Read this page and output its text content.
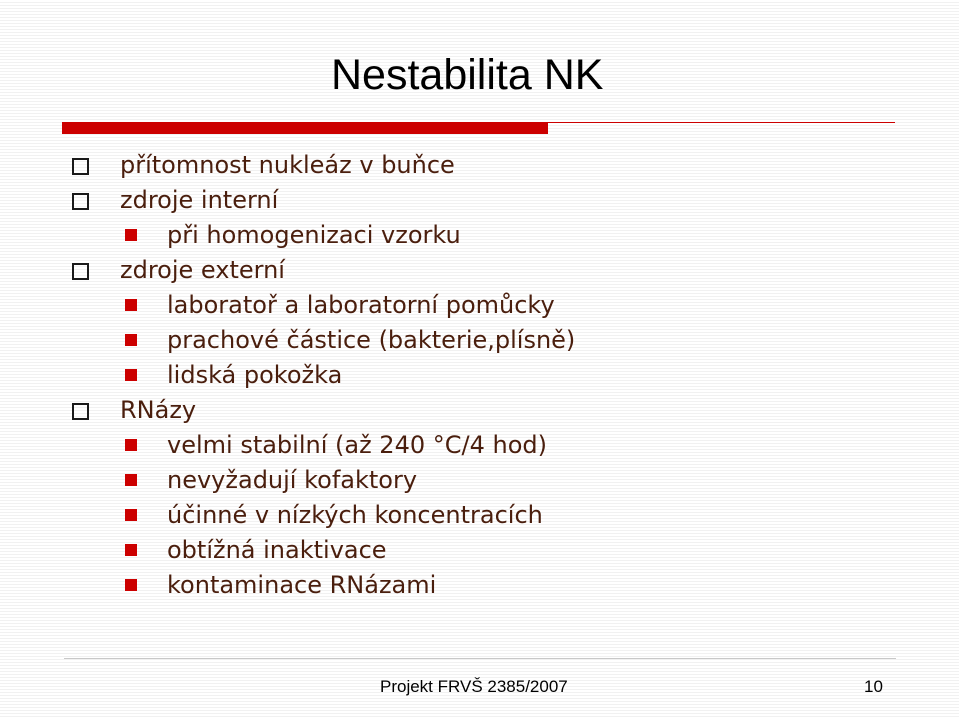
Nestabilita NK
přítomnost nukleáz v buňce
zdroje interní
při homogenizaci vzorku
zdroje externí
laboratoř a laboratorní pomůcky
prachové částice (bakterie,plísně)
lidská pokožka
RNázy
velmi stabilní (až 240 °C/4 hod)
nevyžadují kofaktory
účinné v nízkých koncentracích
obtížná inaktivace
kontaminace RNázami
Projekt FRVŠ 2385/2007	10
